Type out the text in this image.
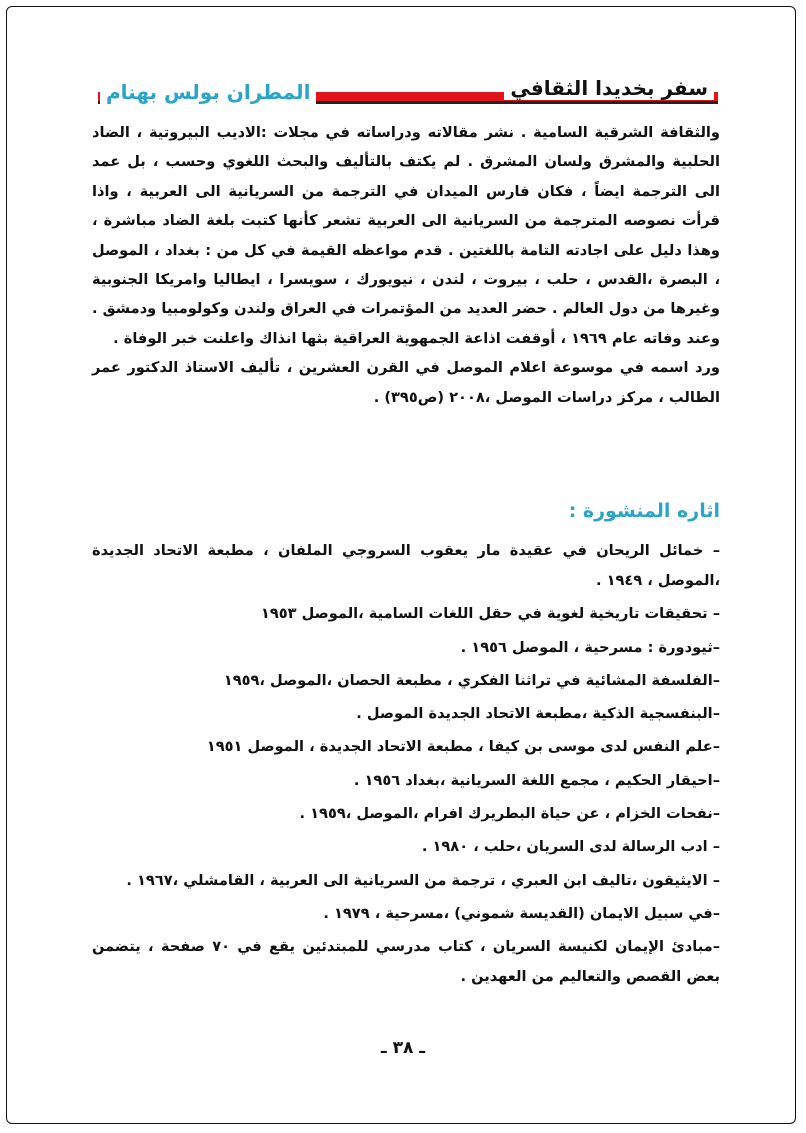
المطران بولس بهنام	سفر بخديدا الثقافي

والثقافة الشرقية السامية . نشر مقالاته ودراساته في مجلات :الاديب البيروتية ، الضاد الحلبية والمشرق ولسان المشرق . لم يكتف بالتأليف والبحث اللغوي وحسب ، بل عمد الى الترجمة ايضاً ، فكان فارس الميدان في الترجمة من السريانية الى العربية ، واذا قرأت نصوصه المترجمة من السريانية الى العربية تشعر كأنها كتبت بلغة الضاد مباشرة ، وهذا دليل على اجادته التامة باللغتين . قدم مواعظه القيمة في كل من : بغداد ، الموصل ، البصرة ،القدس ، حلب ، بيروت ، لندن ، نيويورك ، سويسرا ، ايطاليا وامريكا الجنوبية وغيرها من دول العالم . حضر العديد من المؤتمرات في العراق ولندن وكولومبيا ودمشق .

وعند وفاته عام ١٩٦٩ ، أوقفت اذاعة الجمهوية العراقية بثها انذاك واعلنت خبر الوفاة .

ورد اسمه في موسوعة اعلام الموصل في القرن العشرين ، تأليف الاستاذ الدكتور عمر الطالب ، مركز دراسات الموصل ،٢٠٠٨ (ص٣٩٥) .

اثاره المنشورة :
– خمائل الريحان في عقيدة مار يعقوب السروجي الملفان ، مطبعة الاتحاد الجديدة ،الموصل ، ١٩٤٩ .
– تحقيقات تاريخية لغوية في حقل اللغات السامية ،الموصل ١٩٥٣
–ثيودورة : مسرحية ، الموصل ١٩٥٦ .
–الفلسفة المشائية في تراثنا الفكري ، مطبعة الحصان ،الموصل ،١٩٥٩
–البنفسجية الذكية ،مطبعة الاتحاد الجديدة الموصل .
–علم النفس لدى موسى بن كيفا ، مطبعة الاتحاد الجديدة ، الموصل ١٩٥١
–احيقار الحكيم ، مجمع اللغة السريانية ،بغداد ١٩٥٦ .
–نفحات الخزام ، عن حياة البطريرك افرام ،الموصل ،١٩٥٩ .
– ادب الرسالة لدى السريان ،حلب ، ١٩٨٠ .
– الايثيقون ،تاليف ابن العبري ، ترجمة من السريانية الى العربية ، القامشلي ،١٩٦٧ .
–في سبيل الايمان (القديسة شموني) ،مسرحية ، ١٩٧٩ .
–مبادئ الإيمان لكنيسة السريان ، كتاب مدرسي للمبتدئين يقع في ٧٠ صفحة ، يتضمن بعض القصص والتعاليم من العهدين .
ـ ٣٨ ـ
